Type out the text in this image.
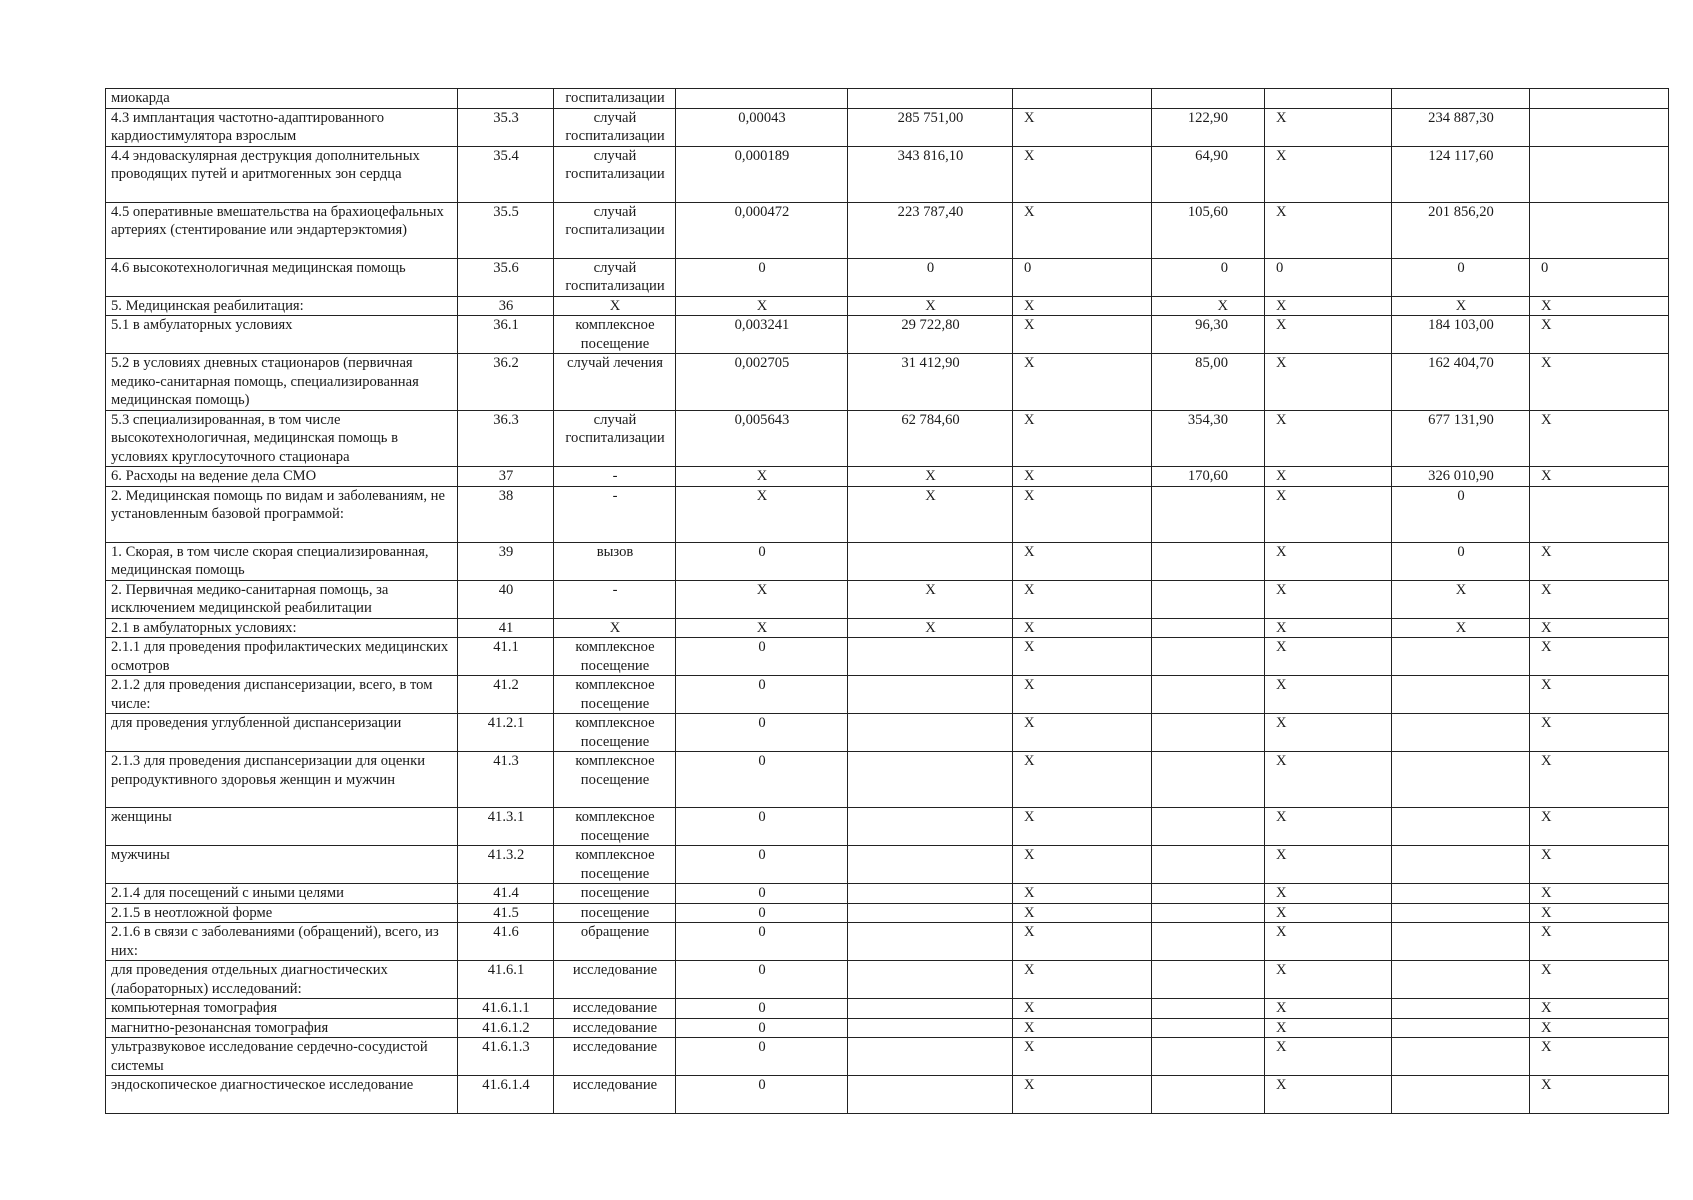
миокарда		госпитализации							
4.3 имплантация частотно-адаптированного кардиостимулятора взрослым	35.3	случай госпитализации	0,00043	285 751,00	X	122,90	X	234 887,30	
4.4 эндоваскулярная деструкция дополнительных проводящих путей и аритмогенных зон сердца	35.4	случай госпитализации	0,000189	343 816,10	X	64,90	X	124 117,60	
4.5 оперативные вмешательства на брахиоцефальных артериях (стентирование или эндартерэктомия)	35.5	случай госпитализации	0,000472	223 787,40	X	105,60	X	201 856,20	
4.6 высокотехнологичная медицинская помощь	35.6	случай госпитализации	0	0	0	0	0	0	0
5. Медицинская реабилитация:	36	X	X	X	X	X	X	X	X
5.1 в амбулаторных условиях	36.1	комплексное посещение	0,003241	29 722,80	X	96,30	X	184 103,00	X
5.2 в условиях дневных стационаров (первичная медико-санитарная помощь, специализированная медицинская помощь)	36.2	случай лечения	0,002705	31 412,90	X	85,00	X	162 404,70	X
5.3 специализированная, в том числе высокотехнологичная, медицинская помощь в условиях круглосуточного стационара	36.3	случай госпитализации	0,005643	62 784,60	X	354,30	X	677 131,90	X
6. Расходы на ведение дела СМО	37	-	X	X	X	170,60	X	326 010,90	X
2. Медицинская помощь по видам и заболеваниям, не установленным базовой программой:	38	-	X	X	X		X	0	
1. Скорая, в том числе скорая специализированная, медицинская помощь	39	вызов	0		X		X	0	X
2. Первичная медико-санитарная помощь, за исключением медицинской реабилитации	40	-	X	X	X		X	X	X
2.1 в амбулаторных условиях:	41	X	X	X	X		X	X	X
2.1.1 для проведения профилактических медицинских осмотров	41.1	комплексное посещение	0		X		X		X
2.1.2 для проведения диспансеризации, всего, в том числе:	41.2	комплексное посещение	0		X		X		X
для проведения углубленной диспансеризации	41.2.1	комплексное посещение	0		X		X		X
2.1.3 для проведения диспансеризации для оценки репродуктивного здоровья женщин и мужчин	41.3	комплексное посещение	0		X		X		X
женщины	41.3.1	комплексное посещение	0		X		X		X
мужчины	41.3.2	комплексное посещение	0		X		X		X
2.1.4 для посещений с иными целями	41.4	посещение	0		X		X		X
2.1.5 в неотложной форме	41.5	посещение	0		X		X		X
2.1.6 в связи с заболеваниями (обращений), всего, из них:	41.6	обращение	0		X		X		X
для проведения отдельных диагностических (лабораторных) исследований:	41.6.1	исследование	0		X		X		X
компьютерная томография	41.6.1.1	исследование	0		X		X		X
магнитно-резонансная томография	41.6.1.2	исследование	0		X		X		X
ультразвуковое исследование сердечно-сосудистой системы	41.6.1.3	исследование	0		X		X		X
эндоскопическое диагностическое исследование	41.6.1.4	исследование	0		X		X		X
